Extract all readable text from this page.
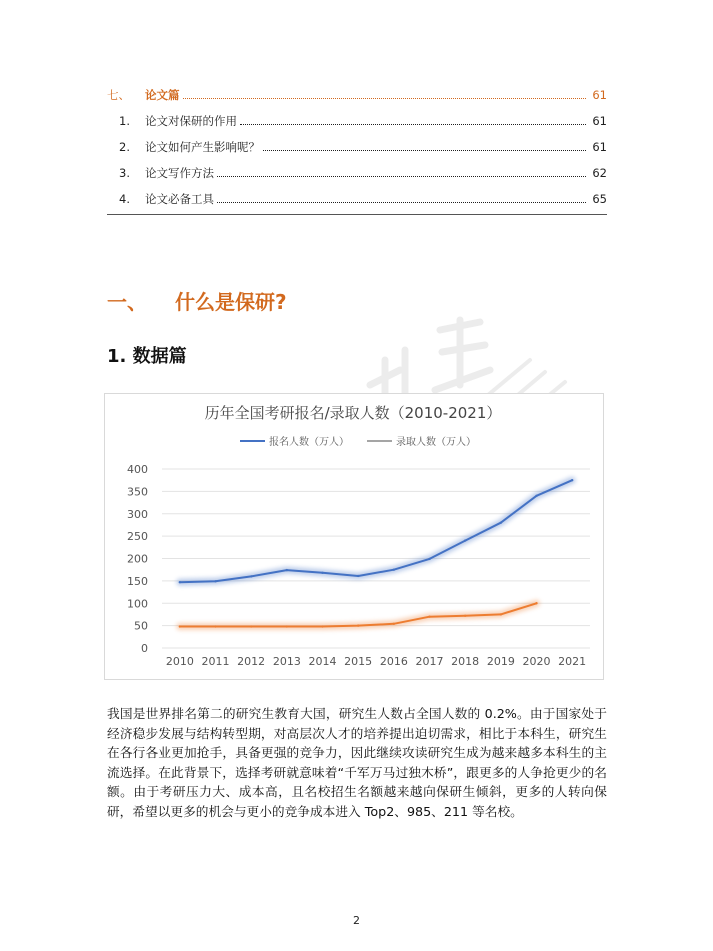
七、	论文篇	61
1.	论文对保研的作用	61
2.	论文如何产生影响呢？	61
3.	论文写作方法	62
4.	论文必备工具	65
一、 什么是保研?
1. 数据篇
历年全国考研报名/录取人数（2010-2021）
报名人数（万人）	录取人数（万人）
0
50
100
150
200
250
300
350
400
2010 2011 2012 2013 2014 2015 2016 2017 2018 2019 2020 2021
我国是世界排名第二的研究生教育大国，研究生人数占全国人数的 0.2%。由于国家处于经济稳步发展与结构转型期，对高层次人才的培养提出迫切需求，相比于本科生，研究生在各行各业更加抢手，具备更强的竞争力，因此继续攻读研究生成为越来越多本科生的主流选择。在此背景下，选择考研就意味着“千军万马过独木桥”，跟更多的人争抢更少的名额。由于考研压力大、成本高，且名校招生名额越来越向保研生倾斜，更多的人转向保研，希望以更多的机会与更小的竞争成本进入 Top2、985、211 等名校。
2
